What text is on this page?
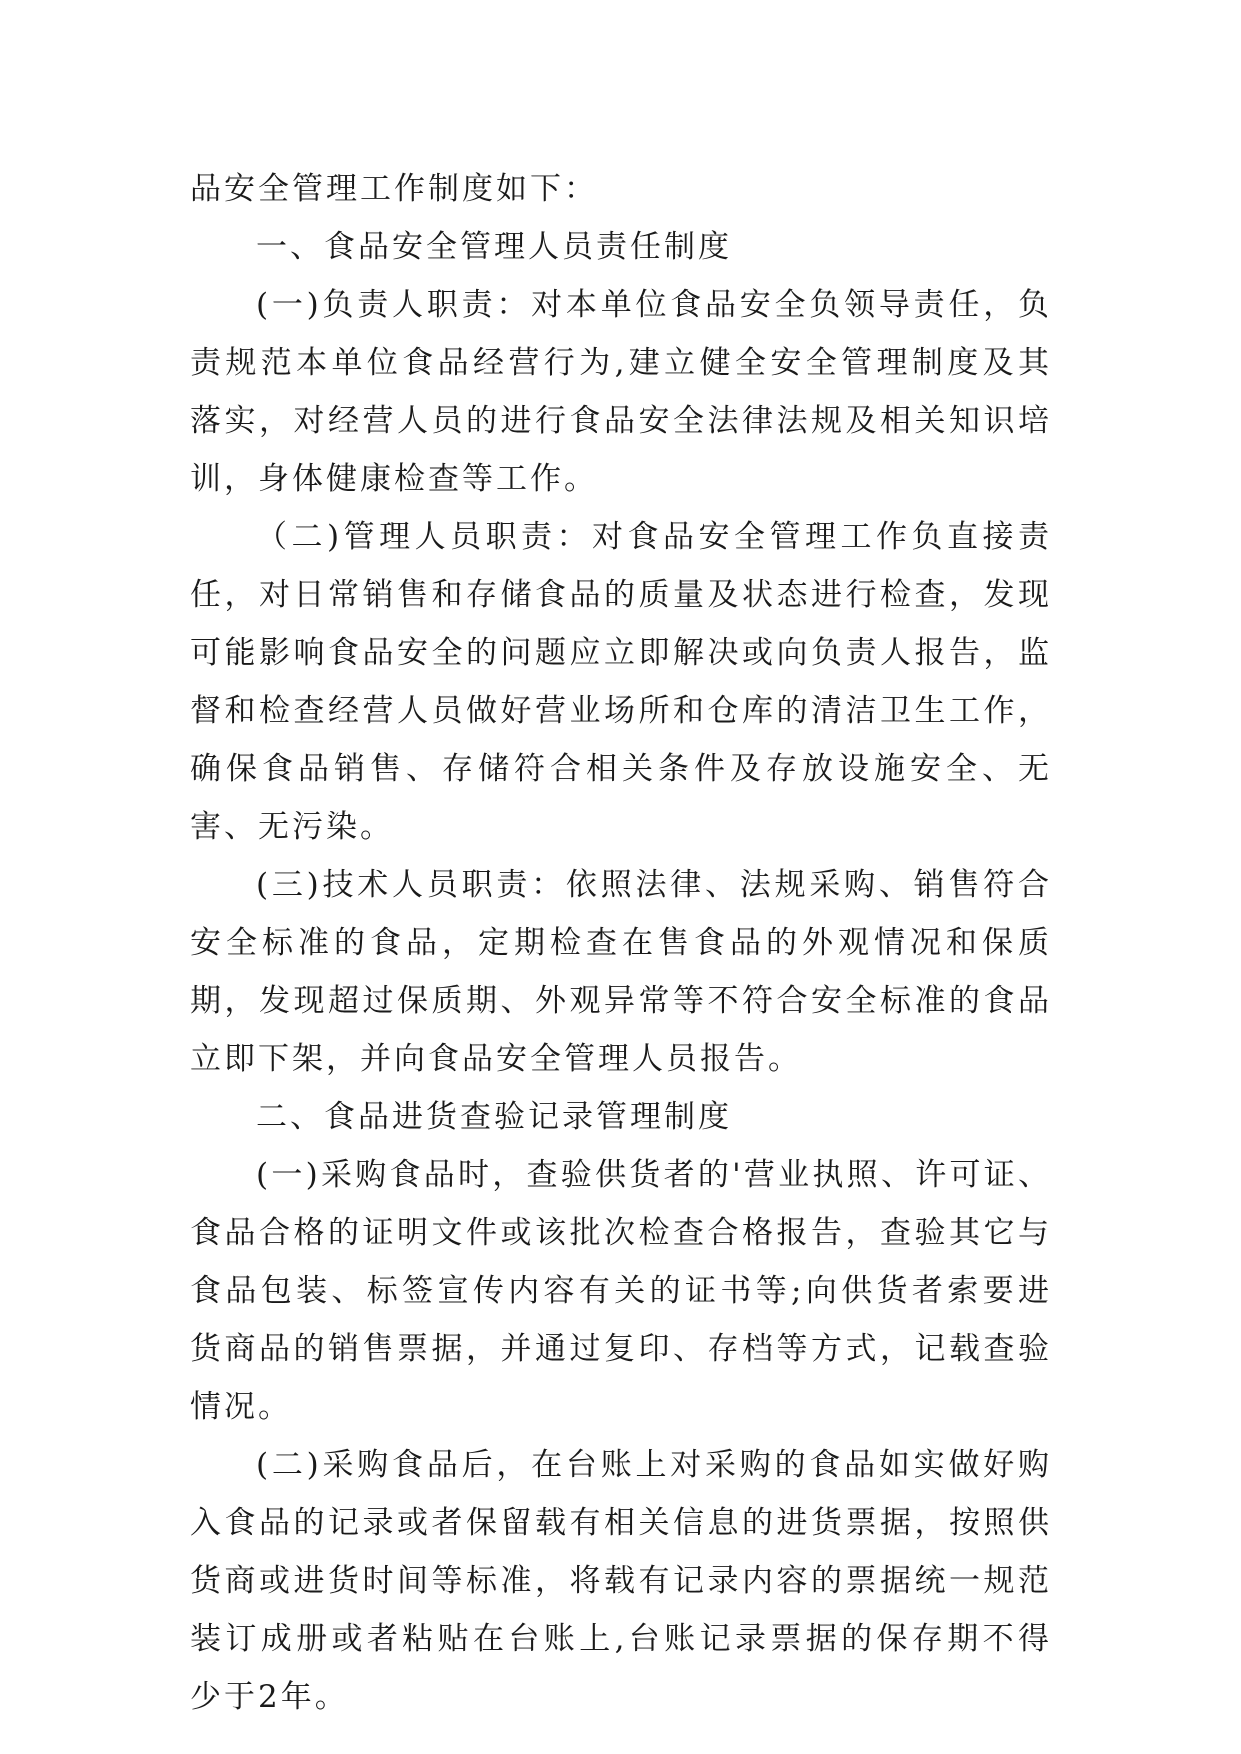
品安全管理工作制度如下：

一、食品安全管理人员责任制度

(一)负责人职责：对本单位食品安全负领导责任，负责规范本单位食品经营行为,建立健全安全管理制度及其落实，对经营人员的进行食品安全法律法规及相关知识培训，身体健康检查等工作。

（二)管理人员职责：对食品安全管理工作负直接责任，对日常销售和存储食品的质量及状态进行检查，发现可能影响食品安全的问题应立即解决或向负责人报告，监督和检查经营人员做好营业场所和仓库的清洁卫生工作，确保食品销售、存储符合相关条件及存放设施安全、无害、无污染。

(三)技术人员职责：依照法律、法规采购、销售符合安全标准的食品，定期检查在售食品的外观情况和保质期，发现超过保质期、外观异常等不符合安全标准的食品立即下架，并向食品安全管理人员报告。

二、食品进货查验记录管理制度

(一)采购食品时，查验供货者的'营业执照、许可证、食品合格的证明文件或该批次检查合格报告，查验其它与食品包装、标签宣传内容有关的证书等;向供货者索要进货商品的销售票据，并通过复印、存档等方式，记载查验情况。

(二)采购食品后，在台账上对采购的食品如实做好购入食品的记录或者保留载有相关信息的进货票据，按照供货商或进货时间等标准，将载有记录内容的票据统一规范装订成册或者粘贴在台账上,台账记录票据的保存期不得少于2年。
